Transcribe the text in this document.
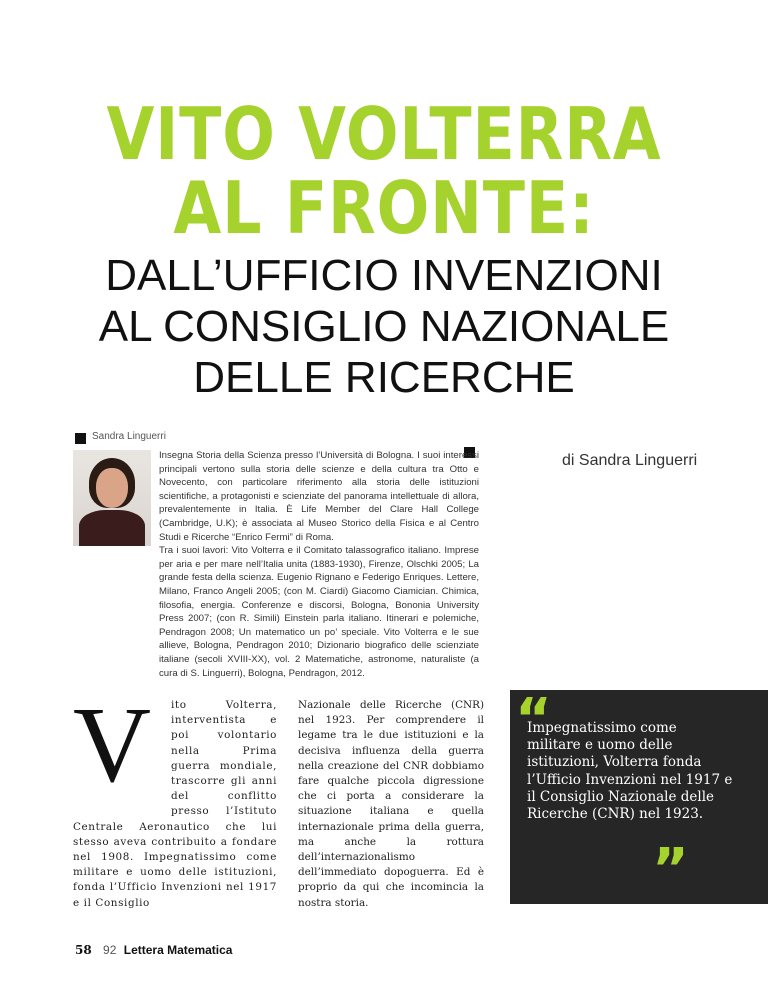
VITO VOLTERRA
AL FRONTE:
DALL’UFFICIO INVENZIONI
AL CONSIGLIO NAZIONALE
DELLE RICERCHE
Sandra Linguerri

Insegna Storia della Scienza presso l’Università di Bologna. I suoi interessi principali vertono sulla storia delle scienze e della cultura tra Otto e Novecento, con particolare riferimento alla storia delle istituzioni scientifiche, a protagonisti e scienziate del panorama intellettuale di allora, prevalentemente in Italia. È Life Member del Clare Hall College (Cambridge, U.K); è associata al Museo Storico della Fisica e al Centro Studi e Ricerche “Enrico Fermi” di Roma.

Tra i suoi lavori: Vito Volterra e il Comitato talassografico italiano. Imprese per aria e per mare nell’Italia unita (1883-1930), Firenze, Olschki 2005; La grande festa della scienza. Eugenio Rignano e Federigo Enriques. Lettere, Milano, Franco Angeli 2005; (con M. Ciardi) Giacomo Ciamician. Chimica, filosofia, energia. Conferenze e discorsi, Bologna, Bononia University Press 2007; (con R. Simili) Einstein parla italiano. Itinerari e polemiche, Pendragon 2008; Un matematico un po’ speciale. Vito Volterra e le sue allieve, Bologna, Pendragon 2010; Dizionario biografico delle scienziate italiane (secoli XVIII-XX), vol. 2 Matematiche, astronome, naturaliste (a cura di S. Linguerri), Bologna, Pendragon, 2012.

di Sandra Linguerri
V	ito Volterra, interventista e poi volontario nella Prima guerra mondiale, trascorre gli anni del conflitto presso l’Istituto Centrale Aeronautico che lui stesso aveva contribuito a fondare nel 1908. Impegnatissimo come militare e uomo delle istituzioni, fonda l’Ufficio Invenzioni nel 1917 e il Consiglio
Nazionale delle Ricerche (CNR) nel 1923. Per comprendere il legame tra le due istituzioni e la decisiva influenza della guerra nella creazione del CNR dobbiamo fare qualche piccola digressione che ci porta a considerare la situazione italiana e quella internazionale prima della guerra, ma anche la rottura dell’internazionalismo dell’immediato dopoguerra. Ed è proprio da qui che incomincia la nostra storia.
“
Impegnatissimo come militare e uomo delle istituzioni, Volterra fonda l’Ufficio Invenzioni nel 1917 e il Consiglio Nazionale delle Ricerche (CNR) nel 1923.
”
58 92 Lettera Matematica
